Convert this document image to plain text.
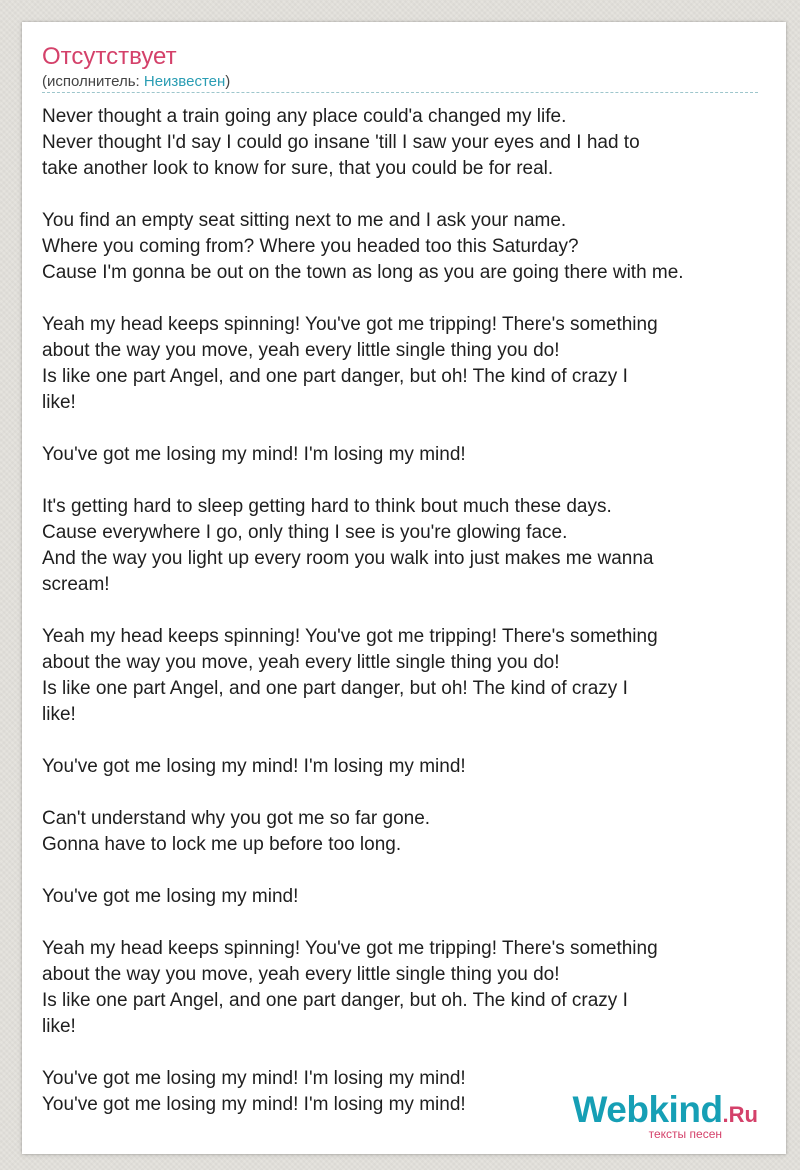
Отсутствует
(исполнитель: Неизвестен)
Never thought a train going any place could'a changed my life.
Never thought I'd say I could go insane 'till I saw your eyes and I had to
take another look to know for sure, that you could be for real.
You find an empty seat sitting next to me and I ask your name.
Where you coming from? Where you headed too this Saturday?
Cause I'm gonna be out on the town as long as you are going there with me.
Yeah my head keeps spinning! You've got me tripping! There's something
about the way you move, yeah every little single thing you do!
Is like one part Angel, and one part danger, but oh! The kind of crazy I
like!
You've got me losing my mind! I'm losing my mind!
It's getting hard to sleep getting hard to think bout much these days.
Cause everywhere I go, only thing I see is you're glowing face.
And the way you light up every room you walk into just makes me wanna
scream!
Yeah my head keeps spinning! You've got me tripping! There's something
about the way you move, yeah every little single thing you do!
Is like one part Angel, and one part danger, but oh! The kind of crazy I
like!
You've got me losing my mind! I'm losing my mind!
Can't understand why you got me so far gone.
Gonna have to lock me up before too long.
You've got me losing my mind!
Yeah my head keeps spinning! You've got me tripping! There's something
about the way you move, yeah every little single thing you do!
Is like one part Angel, and one part danger, but oh. The kind of crazy I
like!
You've got me losing my mind! I'm losing my mind!
You've got me losing my mind! I'm losing my mind!	Webkind.Ru
тексты песен
